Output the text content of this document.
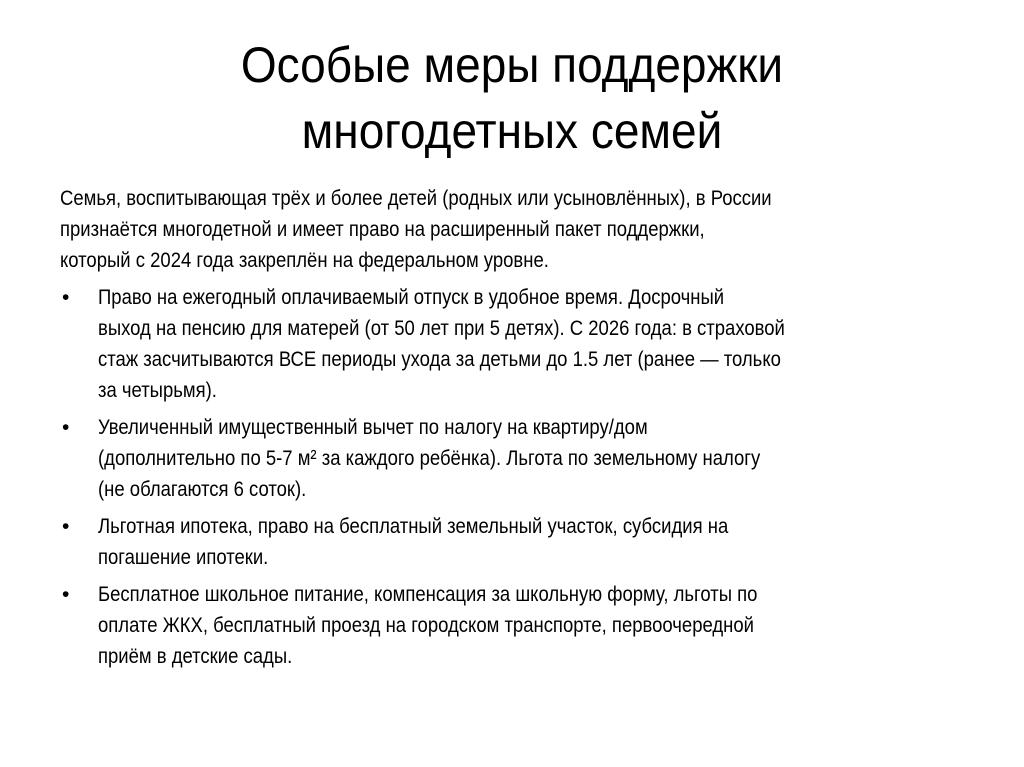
Особые меры поддержки
многодетных семей
Семья, воспитывающая трёх и более детей (родных или усыновлённых), в России
признаётся многодетной и имеет право на расширенный пакет поддержки,
который с 2024 года закреплён на федеральном уровне.
• Право на ежегодный оплачиваемый отпуск в удобное время. Досрочный
выход на пенсию для матерей (от 50 лет при 5 детях). С 2026 года: в страховой
стаж засчитываются ВСЕ периоды ухода за детьми до 1.5 лет (ранее — только
за четырьмя).
• Увеличенный имущественный вычет по налогу на квартиру/дом
(дополнительно по 5-7 м² за каждого ребёнка). Льгота по земельному налогу
(не облагаются 6 соток).
• Льготная ипотека, право на бесплатный земельный участок, субсидия на
погашение ипотеки.
• Бесплатное школьное питание, компенсация за школьную форму, льготы по
оплате ЖКХ, бесплатный проезд на городском транспорте, первоочередной
приём в детские сады.
